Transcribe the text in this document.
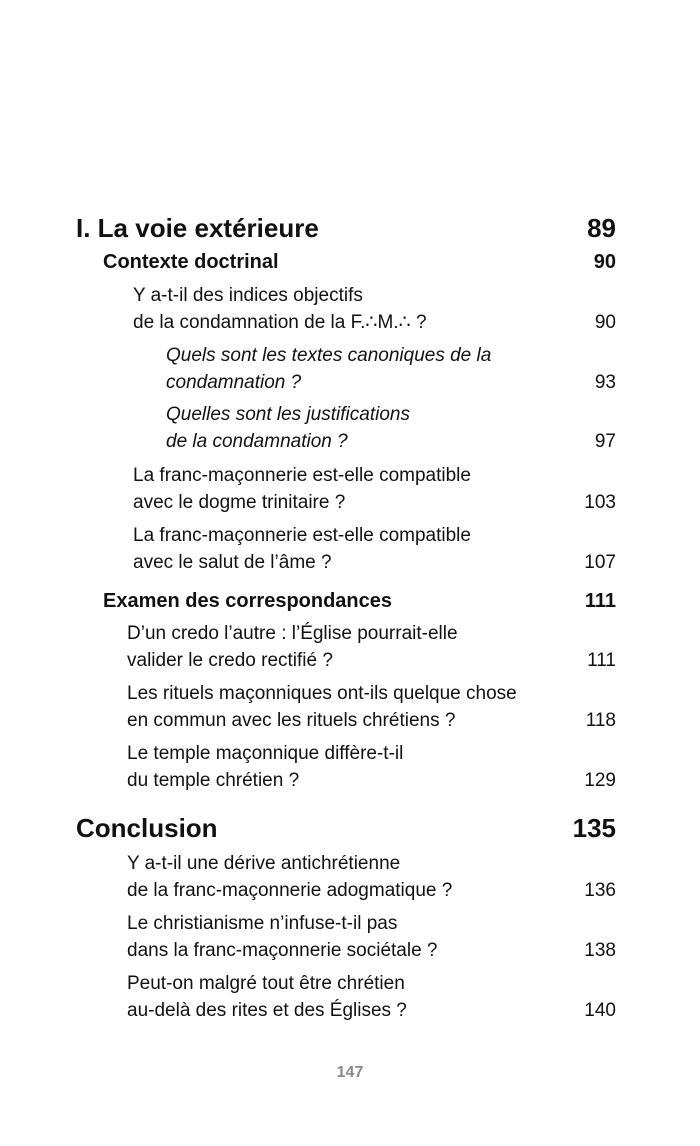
I. La voie extérieure	89
Contexte doctrinal	90
Y a-t-il des indices objectifs
de la condamnation de la F.∴M.∴ ?	90
Quels sont les textes canoniques de la
condamnation ?	93
Quelles sont les justifications
de la condamnation ?	97
La franc-maçonnerie est-elle compatible
avec le dogme trinitaire ?	103
La franc-maçonnerie est-elle compatible
avec le salut de l’âme ?	107
Examen des correspondances	111
D’un credo l’autre : l’Église pourrait-elle
valider le credo rectifié ?	111
Les rituels maçonniques ont-ils quelque chose
en commun avec les rituels chrétiens ?	118
Le temple maçonnique diffère-t-il
du temple chrétien ?	129
Conclusion	135
Y a-t-il une dérive antichrétienne
de la franc-maçonnerie adogmatique ?	136
Le christianisme n’infuse-t-il pas
dans la franc-maçonnerie sociétale ?	138
Peut-on malgré tout être chrétien
au-delà des rites et des Églises ?	140
147
